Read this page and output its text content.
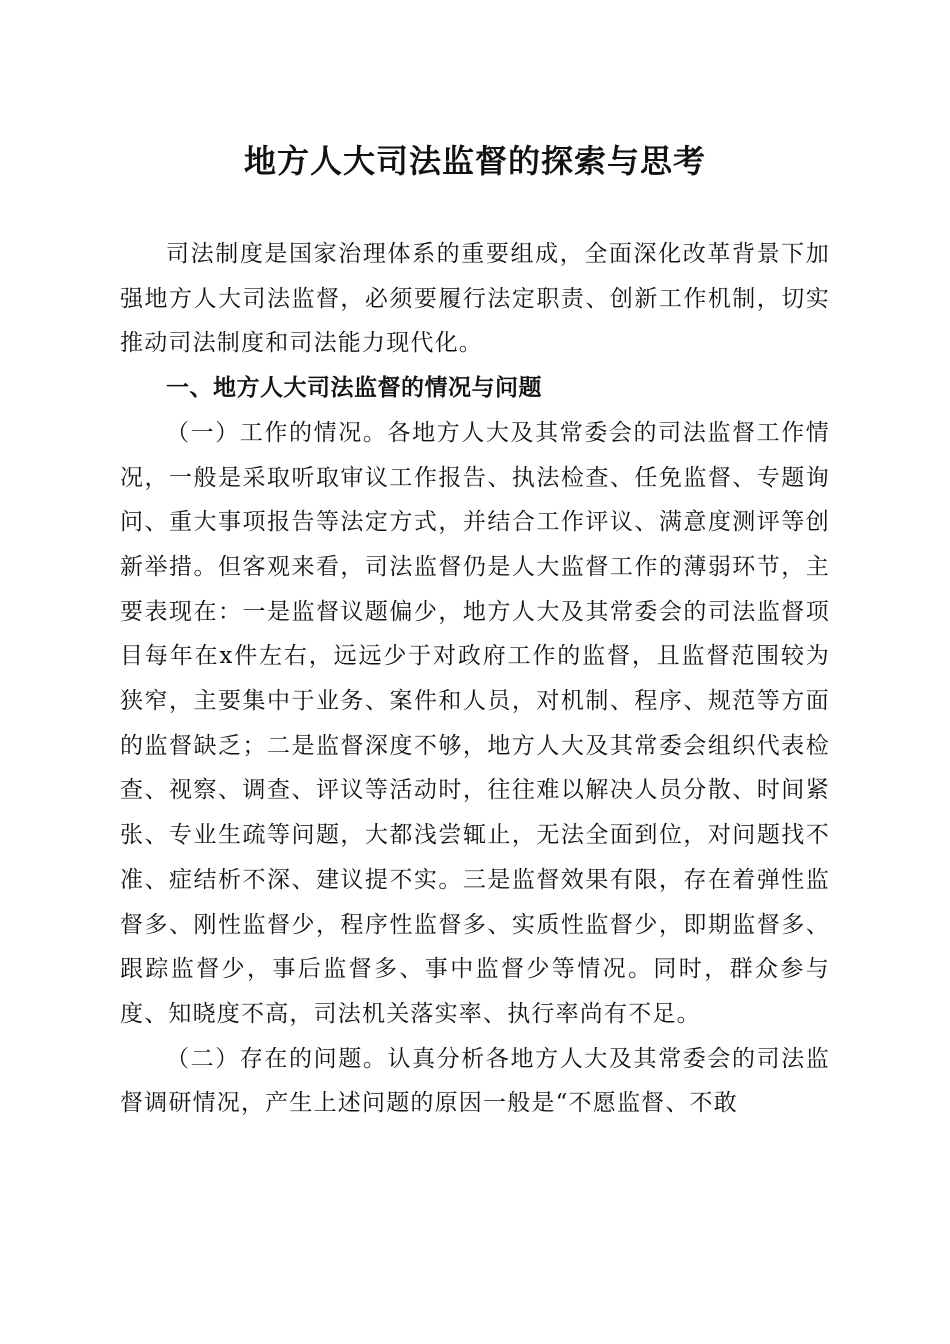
地方人大司法监督的探索与思考

司法制度是国家治理体系的重要组成，全面深化改革背景下加强地方人大司法监督，必须要履行法定职责、创新工作机制，切实推动司法制度和司法能力现代化。

一、地方人大司法监督的情况与问题

（一）工作的情况。各地方人大及其常委会的司法监督工作情况，一般是采取听取审议工作报告、执法检查、任免监督、专题询问、重大事项报告等法定方式，并结合工作评议、满意度测评等创新举措。但客观来看，司法监督仍是人大监督工作的薄弱环节，主要表现在：一是监督议题偏少，地方人大及其常委会的司法监督项目每年在x件左右，远远少于对政府工作的监督，且监督范围较为狭窄，主要集中于业务、案件和人员，对机制、程序、规范等方面的监督缺乏；二是监督深度不够，地方人大及其常委会组织代表检查、视察、调查、评议等活动时，往往难以解决人员分散、时间紧张、专业生疏等问题，大都浅尝辄止，无法全面到位，对问题找不准、症结析不深、建议提不实。三是监督效果有限，存在着弹性监督多、刚性监督少，程序性监督多、实质性监督少，即期监督多、跟踪监督少，事后监督多、事中监督少等情况。同时，群众参与度、知晓度不高，司法机关落实率、执行率尚有不足。

（二）存在的问题。认真分析各地方人大及其常委会的司法监督调研情况，产生上述问题的原因一般是“不愿监督、不敢
